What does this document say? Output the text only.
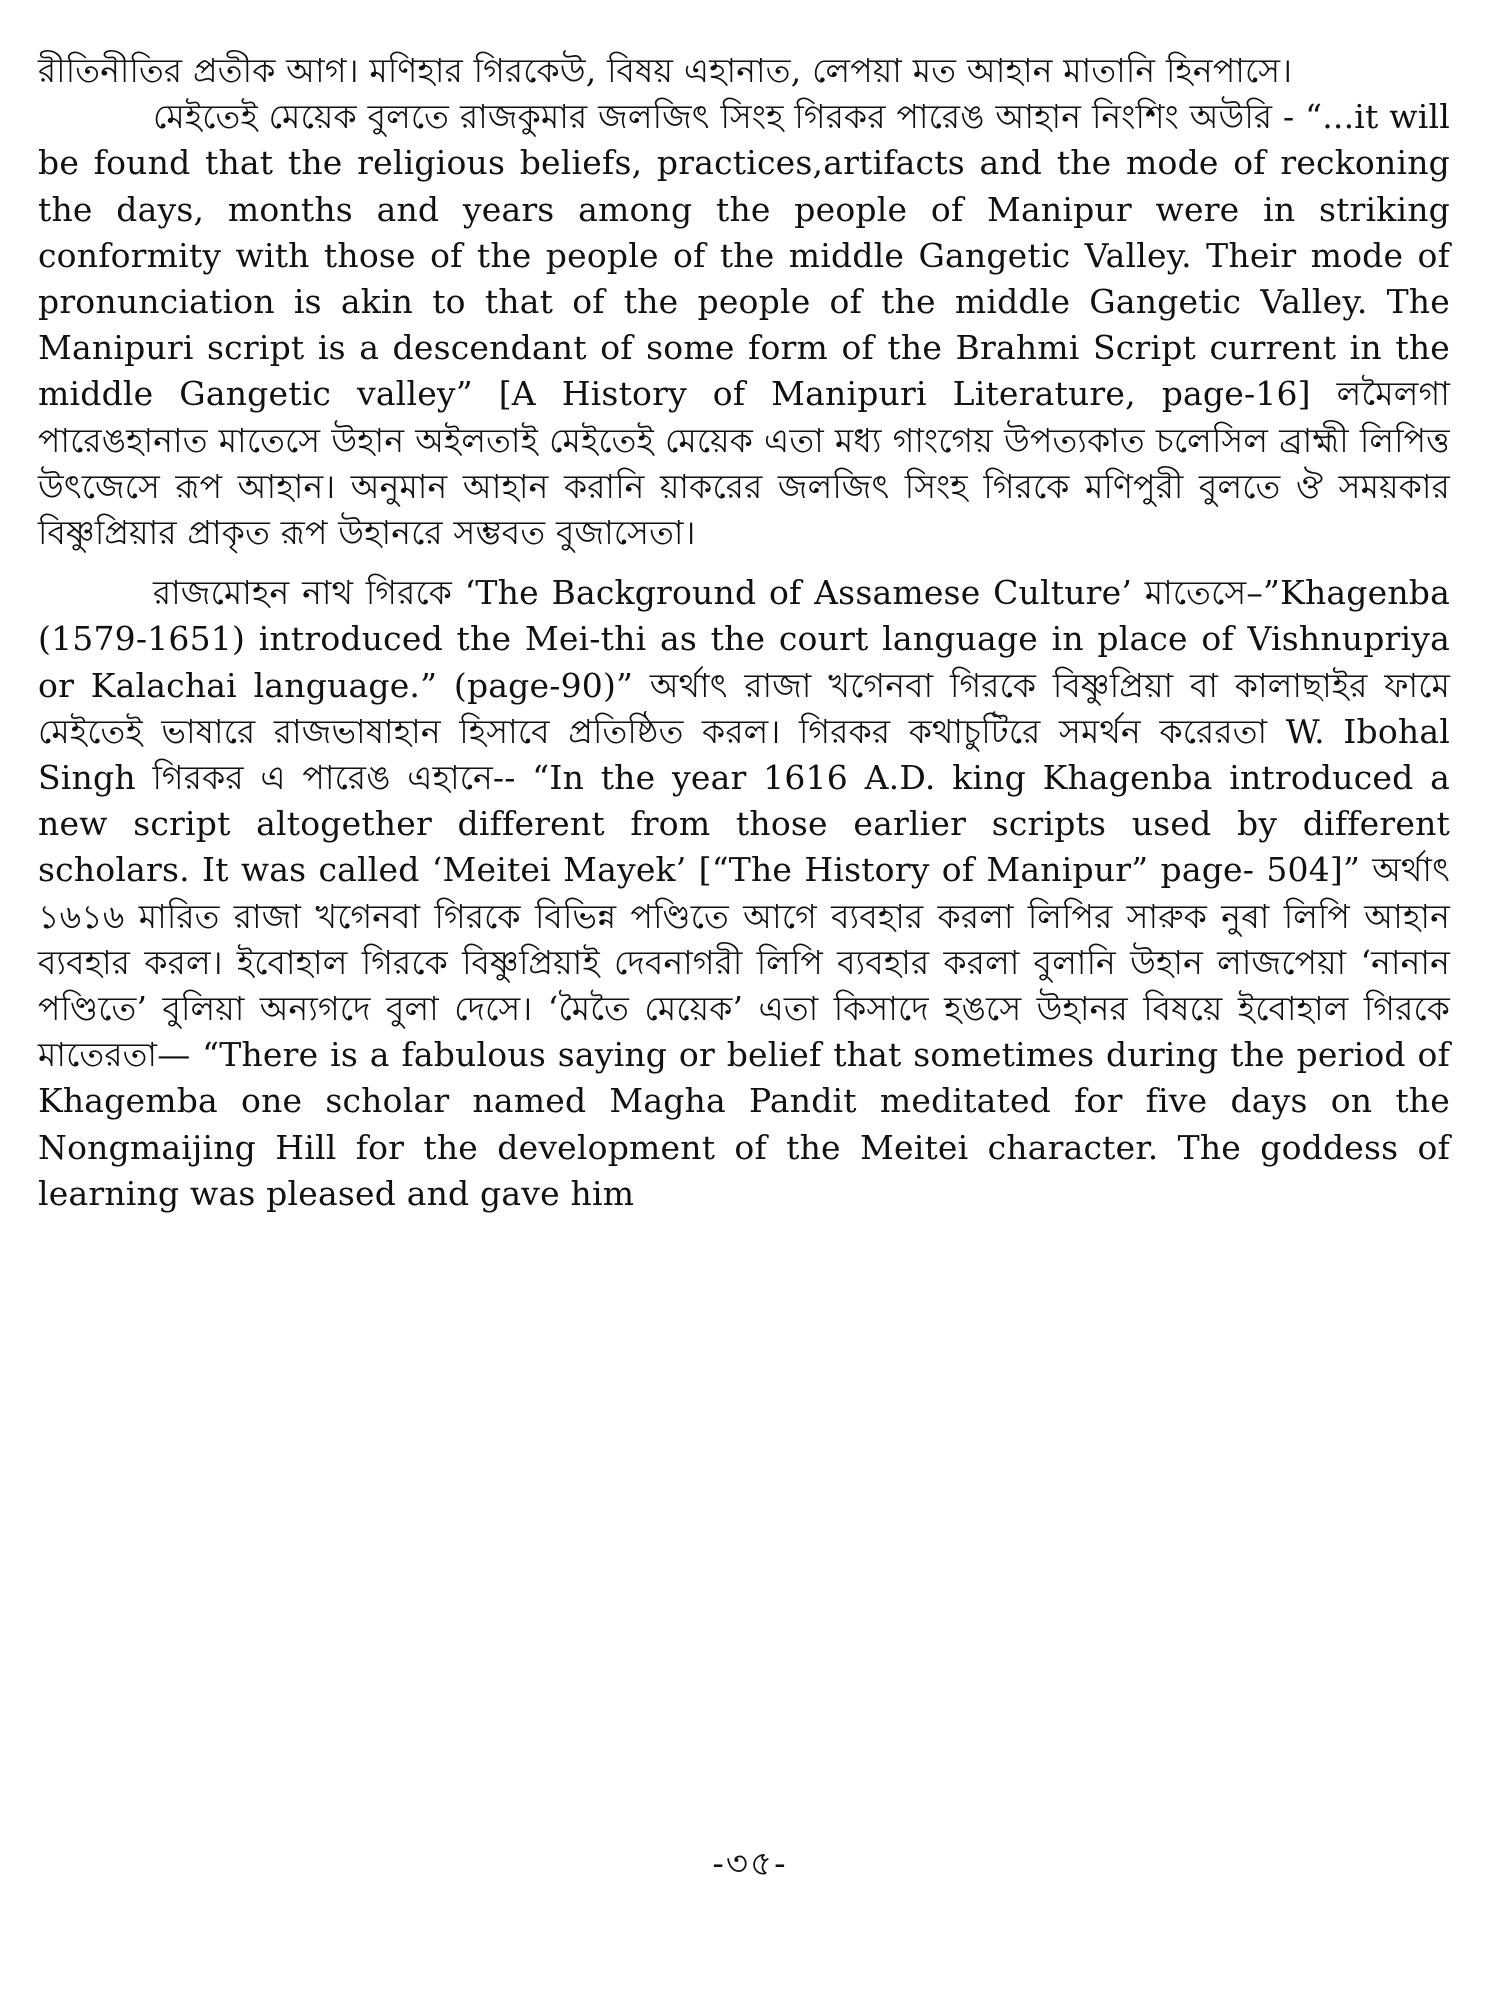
রীতিনীতির প্রতীক আগ। মণিহার গিরকেউ, বিষয় এহানাত, লেপয়া মত আহান মাতানি হিনপাসে।

মেইতেই মেয়েক বুলতে রাজকুমার জলজিৎ সিংহ গিরকর পারেঙ আহান নিংশিং অউরি - “...it will be found that the religious beliefs, practices,artifacts and the mode of reckoning the days, months and years among the people of Manipur were in striking conformity with those of the people of the middle Gangetic Valley. Their mode of pronunciation is akin to that of the people of the middle Gangetic Valley. The Manipuri script is a descendant of some form of the Brahmi Script current in the middle Gangetic valley” [A History of Manipuri Literature, page-16] লমৈলগা পারেঙহানাত মাতেসে উহান অইলতাই মেইতেই মেয়েক এতা মধ্য গাংগেয় উপত্যকাত চলেসিল ব্রাহ্মী লিপিত্ত উৎজেসে রূপ আহান। অনুমান আহান করানি য়াকরের জলজিৎ সিংহ গিরকে মণিপুরী বুলতে ঔ সময়কার বিষ্ণুপ্রিয়ার প্রাকৃত রূপ উহানরে সম্ভবত বুজাসেতা।

রাজমোহন নাথ গিরকে ‘The Background of Assamese Culture’ মাতেসে–”Khagenba (1579-1651) introduced the Mei-thi as the court language in place of Vishnupriya or Kalachai language.” (page-90)” অর্থাৎ রাজা খগেনবা গিরকে বিষ্ণুপ্রিয়া বা কালাছাইর ফামে মেইতেই ভাষারে রাজভাষাহান হিসাবে প্রতিষ্ঠিত করল। গিরকর কথাচুটিরে সমর্থন করেরতা W. Ibohal Singh গিরকর এ পারেঙ এহানে-- “In the year 1616 A.D. king Khagenba introduced a new script altogether different from those earlier scripts used by different scholars. It was called ‘Meitei Mayek’ [“The History of Manipur” page- 504]” অর্থাৎ ১৬১৬ মারিত রাজা খগেনবা গিরকে বিভিন্ন পণ্ডিতে আগে ব্যবহার করলা লিপির সারুক নুৰা লিপি আহান ব্যবহার করল। ইবোহাল গিরকে বিষ্ণুপ্রিয়াই দেবনাগরী লিপি ব্যবহার করলা বুলানি উহান লাজপেয়া ‘নানান পণ্ডিতে’ বুলিয়া অন্যগদে বুলা দেসে। ‘মৈতৈ মেয়েক’ এতা কিসাদে হঙসে উহানর বিষয়ে ইবোহাল গিরকে মাতেরতা— “There is a fabulous saying or belief that sometimes during the period of Khagemba one scholar named Magha Pandit meditated for five days on the Nongmaijing Hill for the development of the Meitei character. The goddess of learning was pleased and gave him

-৩৫-
